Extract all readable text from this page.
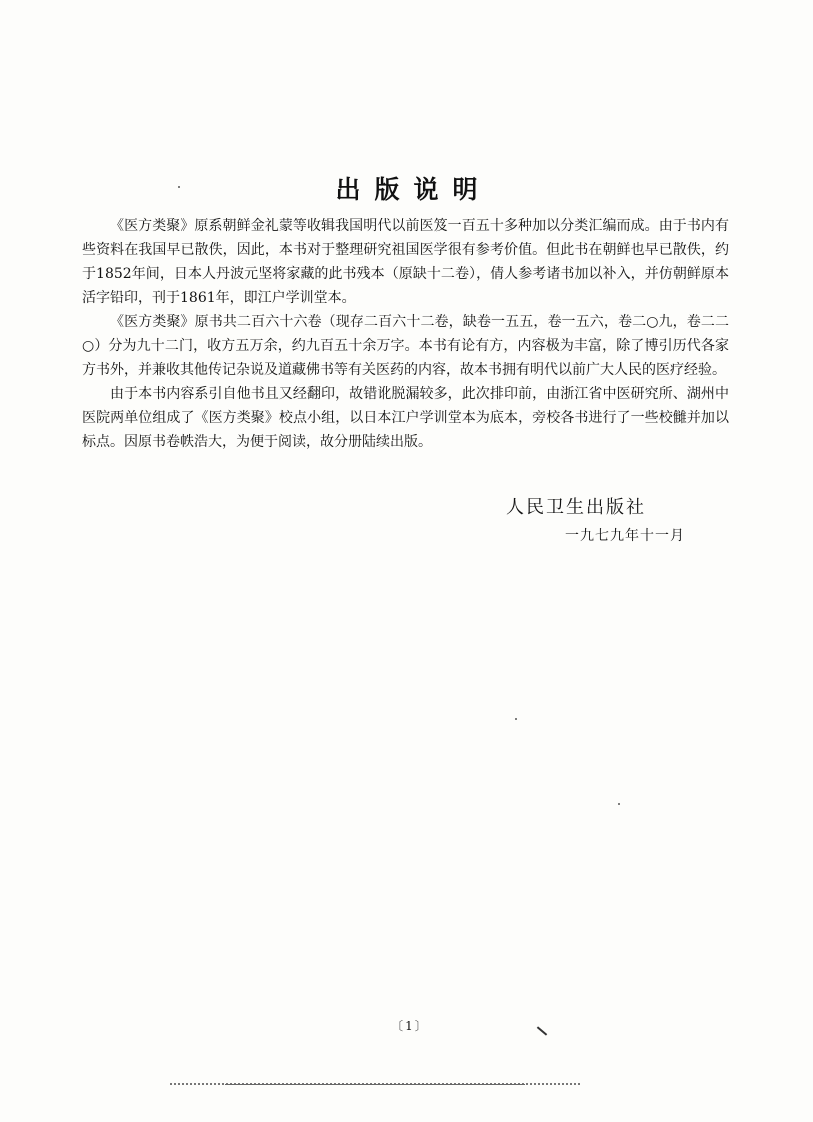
出版说明

《医方类聚》原系朝鲜金礼蒙等收辑我国明代以前医笈一百五十多种加以分类汇编而成。由于书内有些资料在我国早已散佚，因此，本书对于整理研究祖国医学很有参考价值。但此书在朝鲜也早已散佚，约于1852年间，日本人丹波元坚将家藏的此书残本（原缺十二卷），倩人参考诸书加以补入，并仿朝鲜原本活字铅印，刊于1861年，即江户学训堂本。

《医方类聚》原书共二百六十六卷（现存二百六十二卷，缺卷一五五，卷一五六，卷二○九，卷二二○）分为九十二门，收方五万余，约九百五十余万字。本书有论有方，内容极为丰富，除了博引历代各家方书外，并兼收其他传记杂说及道藏佛书等有关医药的内容，故本书拥有明代以前广大人民的医疗经验。

由于本书内容系引自他书且又经翻印，故错讹脱漏较多，此次排印前，由浙江省中医研究所、湖州中医院两单位组成了《医方类聚》校点小组，以日本江户学训堂本为底本，旁校各书进行了一些校雠并加以标点。因原书卷帙浩大，为便于阅读，故分册陆续出版。

人民卫生出版社
一九七九年十一月
〔1〕
